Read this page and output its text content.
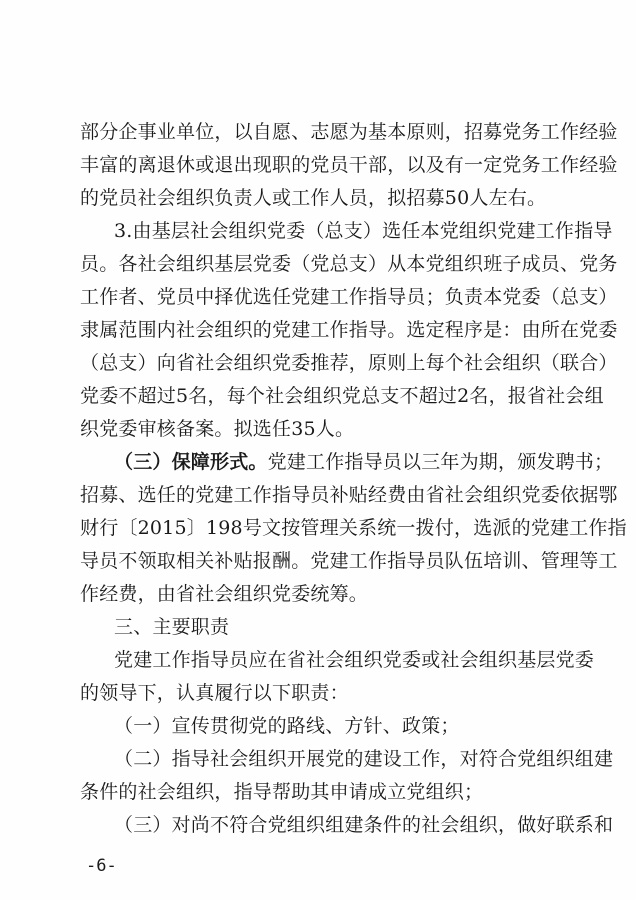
部分企事业单位，以自愿、志愿为基本原则，招募党务工作经验
丰富的离退休或退出现职的党员干部，以及有一定党务工作经验
的党员社会组织负责人或工作人员，拟招募50人左右。
3.由基层社会组织党委（总支）选任本党组织党建工作指导
员。各社会组织基层党委（党总支）从本党组织班子成员、党务
工作者、党员中择优选任党建工作指导员；负责本党委（总支）
隶属范围内社会组织的党建工作指导。选定程序是：由所在党委
（总支）向省社会组织党委推荐，原则上每个社会组织（联合）
党委不超过5名，每个社会组织党总支不超过2名，报省社会组
织党委审核备案。拟选任35人。
（三）保障形式。党建工作指导员以三年为期，颁发聘书；
招募、选任的党建工作指导员补贴经费由省社会组织党委依据鄂
财行〔2015〕198号文按管理关系统一拨付，选派的党建工作指
导员不领取相关补贴报酬。党建工作指导员队伍培训、管理等工
作经费，由省社会组织党委统筹。
三、主要职责
党建工作指导员应在省社会组织党委或社会组织基层党委
的领导下，认真履行以下职责：
（一）宣传贯彻党的路线、方针、政策；
（二）指导社会组织开展党的建设工作，对符合党组织组建
条件的社会组织，指导帮助其申请成立党组织；
（三）对尚不符合党组织组建条件的社会组织，做好联系和
-6-
